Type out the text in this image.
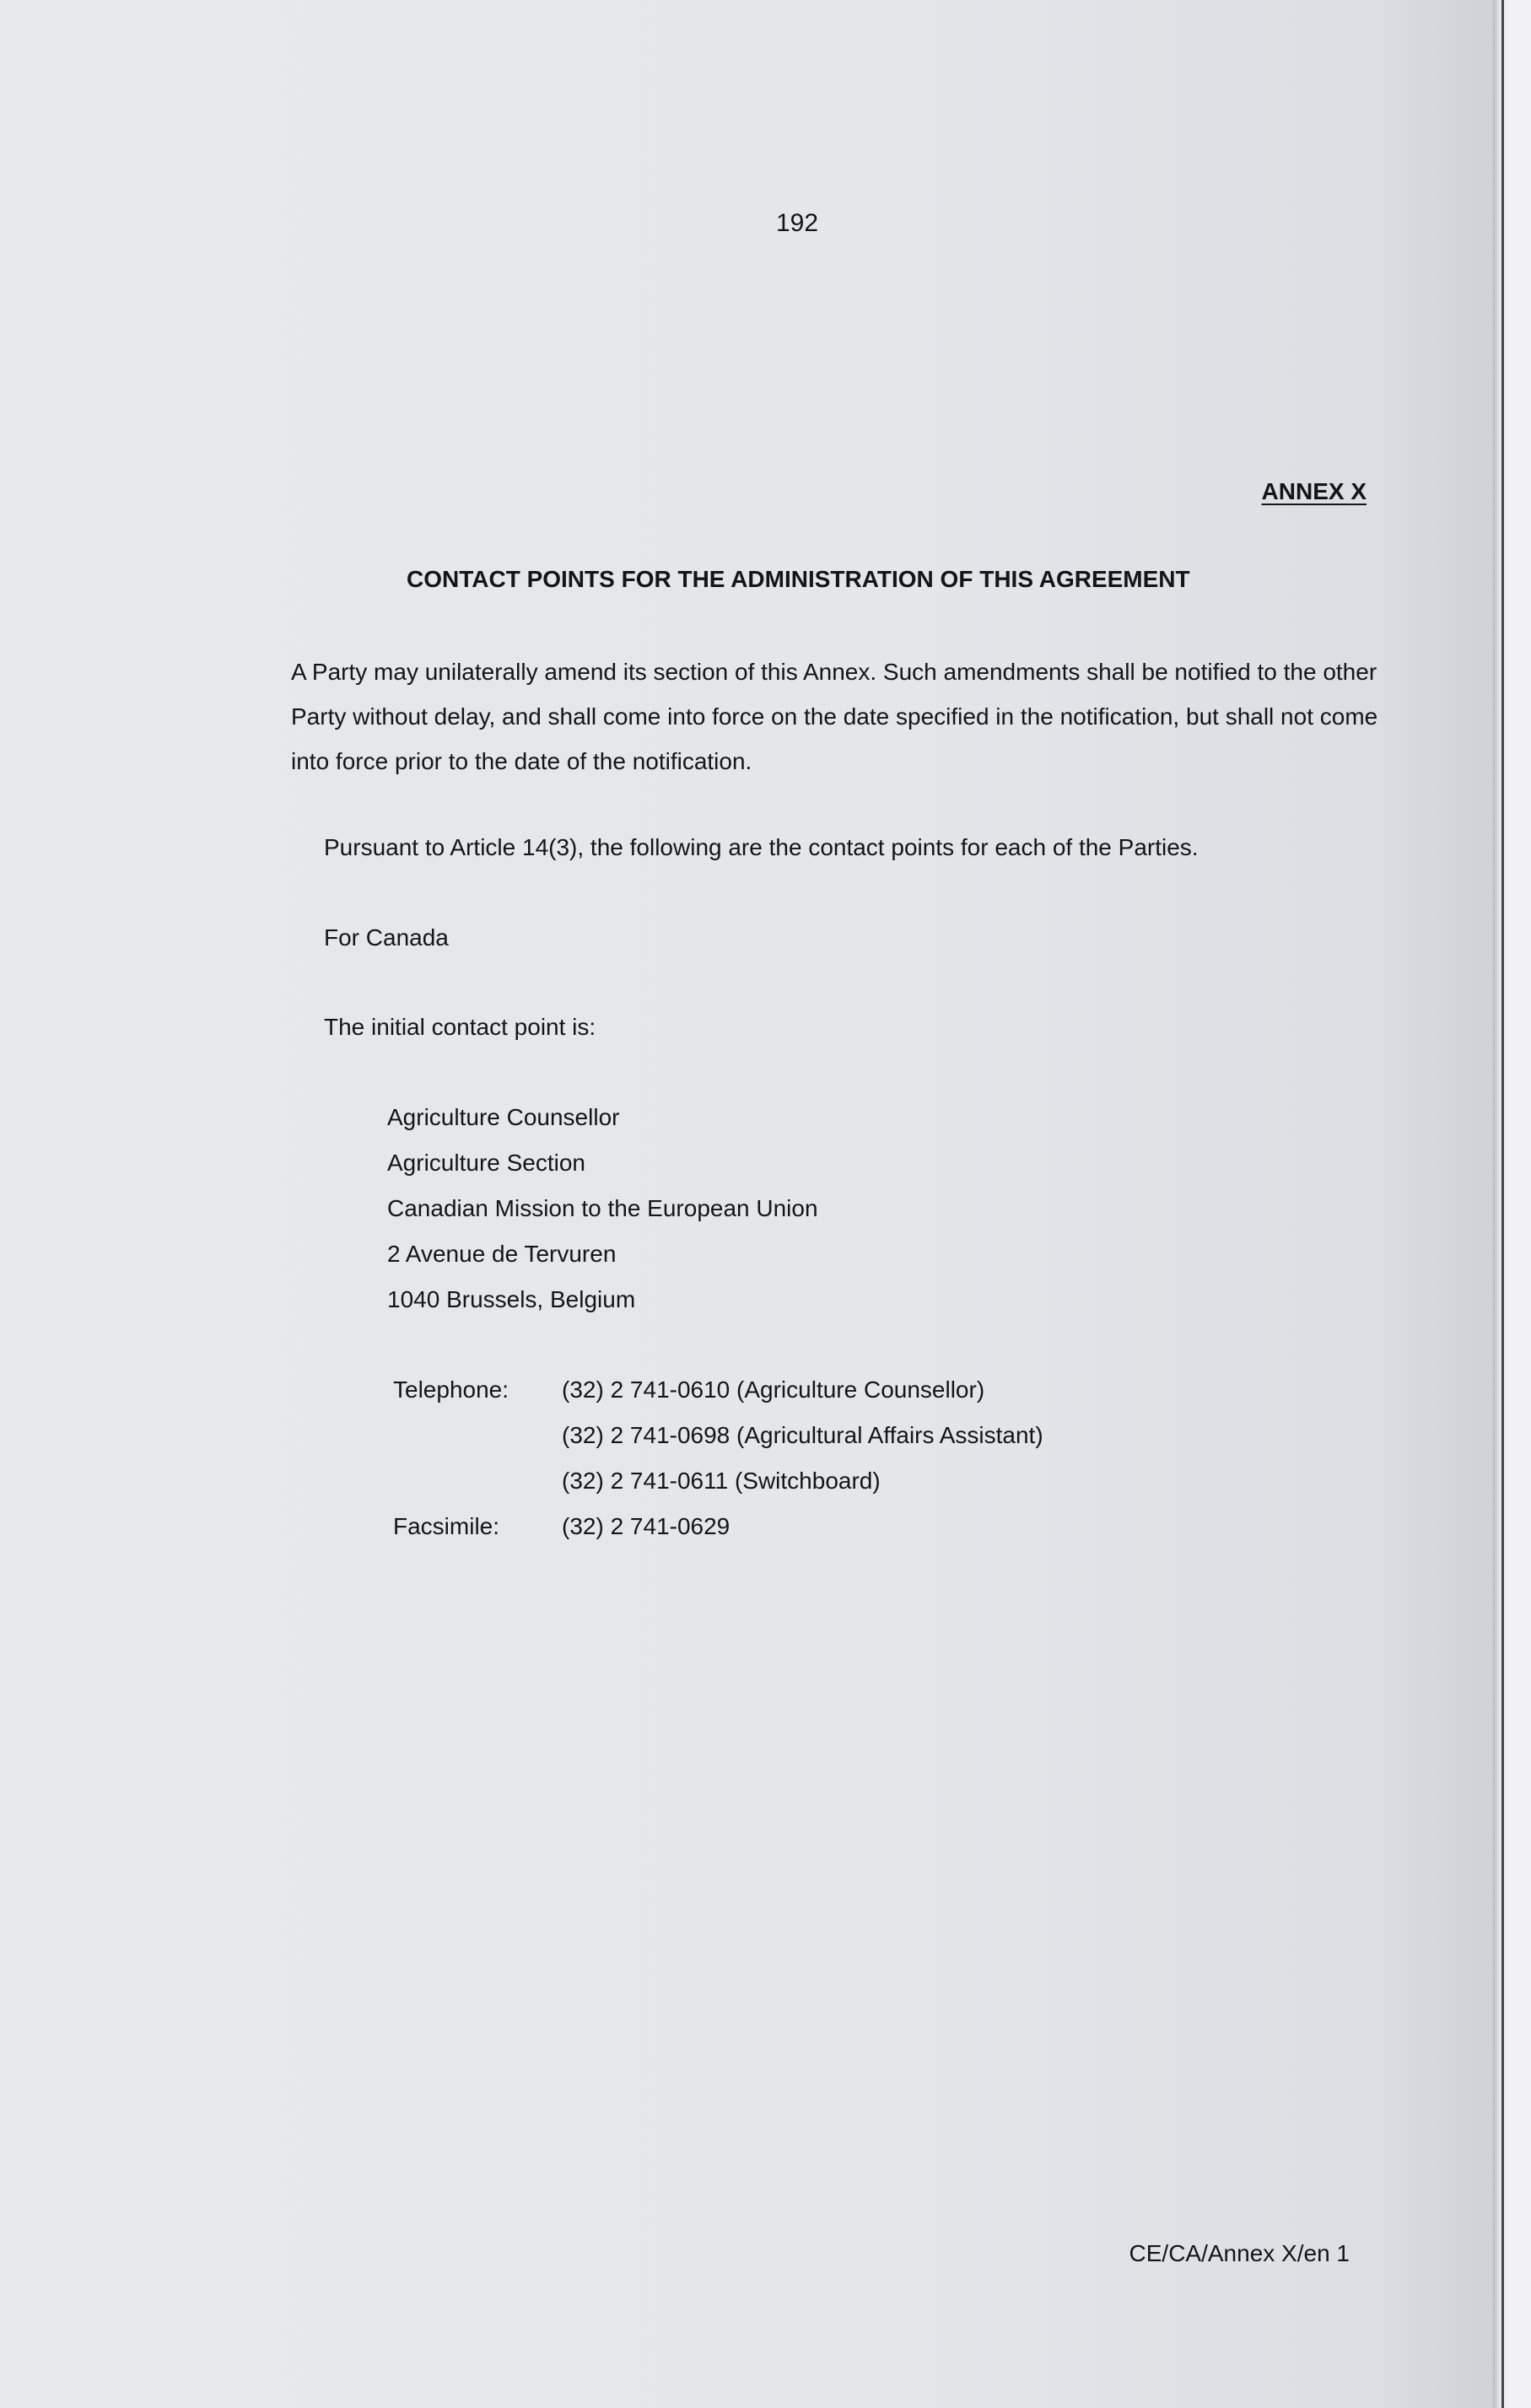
192

ANNEX X

CONTACT POINTS FOR THE ADMINISTRATION OF THIS AGREEMENT

A Party may unilaterally amend its section of this Annex. Such amendments shall be notified to the other Party without delay, and shall come into force on the date specified in the notification, but shall not come into force prior to the date of the notification.

Pursuant to Article 14(3), the following are the contact points for each of the Parties.

For Canada

The initial contact point is:

Agriculture Counsellor

Agriculture Section

Canadian Mission to the European Union

2 Avenue de Tervuren

1040 Brussels, Belgium

Telephone: (32) 2 741-0610 (Agriculture Counsellor)

(32) 2 741-0698 (Agricultural Affairs Assistant)

(32) 2 741-0611 (Switchboard)

Facsimile:	(32) 2 741-0629

CE/CA/Annex X/en 1
